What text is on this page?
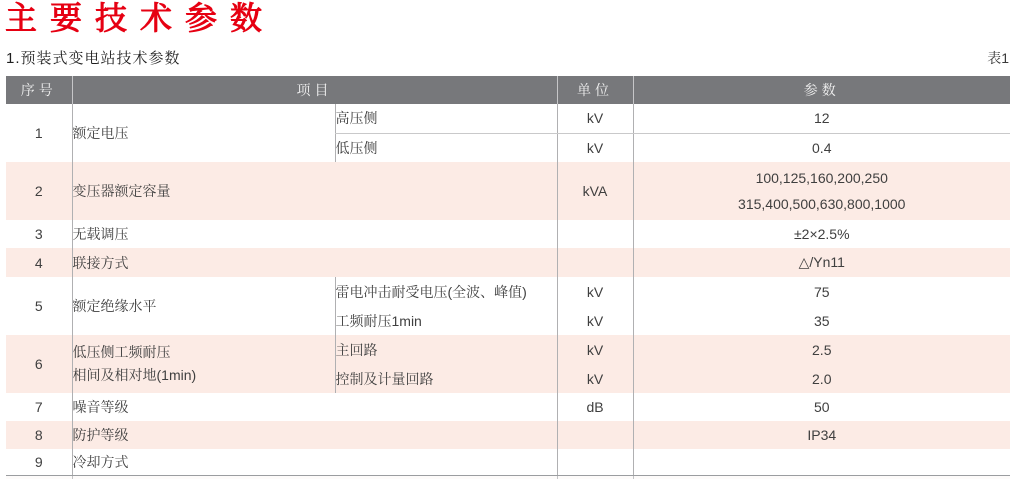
主要技术参数
1.预装式变电站技术参数	表1
序号	项目		单位	参数
1	额定电压	高压侧	kV	12
		低压侧	kV	0.4
2	变压器额定容量		kVA	100,125,160,200,250
315,400,500,630,800,1000

3	无载调压			±2×2.5%
4	联接方式			△/Yn11
5	额定绝缘水平	雷电冲击耐受电压(全波、峰值)	kV	75
		工频耐压1min	kV	35
6	低压侧工频耐压
相间及相对地(1min)	主回路	kV	2.5
		控制及计量回路	kV	2.0
7	噪音等级		dB	50
8	防护等级			IP34
9	冷却方式			
